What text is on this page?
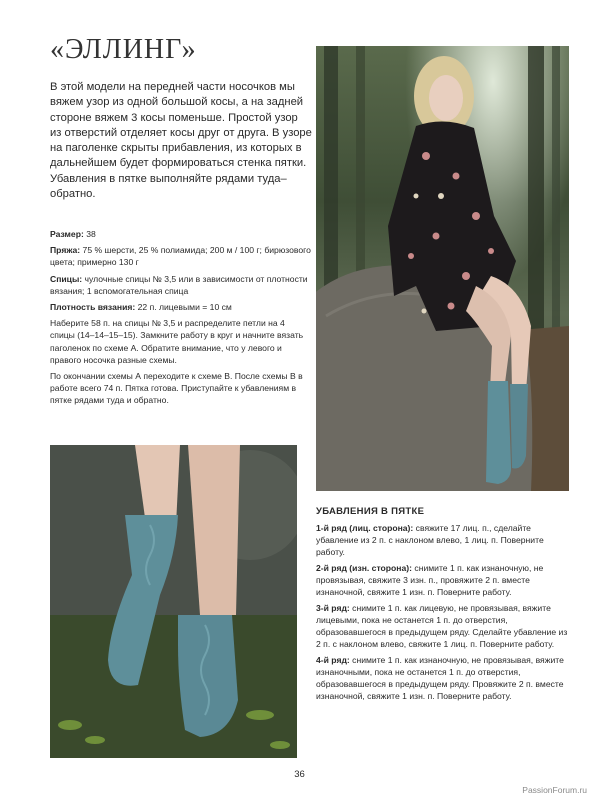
«ЭЛЛИНГ»

В этой модели на передней части носочков мы вяжем узор из одной большой косы, а на задней стороне вяжем 3 косы поменьше. Простой узор из отверстий отделяет косы друг от друга. В узоре на паголенке скрыты прибавления, из которых в дальнейшем будет формироваться стенка пятки. Убавления в пятке выполняйте рядами туда–обратно.

Размер: 38

Пряжа: 75 % шерсти, 25 % полиамида; 200 м / 100 г; бирюзового цвета; примерно 130 г

Спицы: чулочные спицы № 3,5 или в зависимости от плотности вязания; 1 вспомогательная спица

Плотность вязания: 22 п. лицевыми = 10 см

Наберите 58 п. на спицы № 3,5 и распределите петли на 4 спицы (14–14–15–15). Замкните работу в круг и начните вязать паголенок по схеме А. Обратите внимание, что у левого и правого носочка разные схемы.

По окончании схемы А переходите к схеме В. После схемы В в работе всего 74 п. Пятка готова. Приступайте к убавлениям в пятке рядами туда и обратно.

УБАВЛЕНИЯ В ПЯТКЕ

1-й ряд (лиц. сторона): свяжите 17 лиц. п., сделайте убавление из 2 п. с наклоном влево, 1 лиц. п. Поверните работу.

2-й ряд (изн. сторона): снимите 1 п. как изнаночную, не провязывая, свяжите 3 изн. п., провяжите 2 п. вместе изнаночной, свяжите 1 изн. п. Поверните работу.

3-й ряд: снимите 1 п. как лицевую, не провязывая, вяжите лицевыми, пока не останется 1 п. до отверстия, образовавшегося в предыдущем ряду. Сделайте убавление из 2 п. с наклоном влево, свяжите 1 лиц. п. Поверните работу.

4-й ряд: снимите 1 п. как изнаночную, не провязывая, вяжите изнаночными, пока не останется 1 п. до отверстия, образовавшегося в предыдущем ряду. Провяжите 2 п. вместе изнаночной, свяжите 1 изн. п. Поверните работу.

36

PassionForum.ru
